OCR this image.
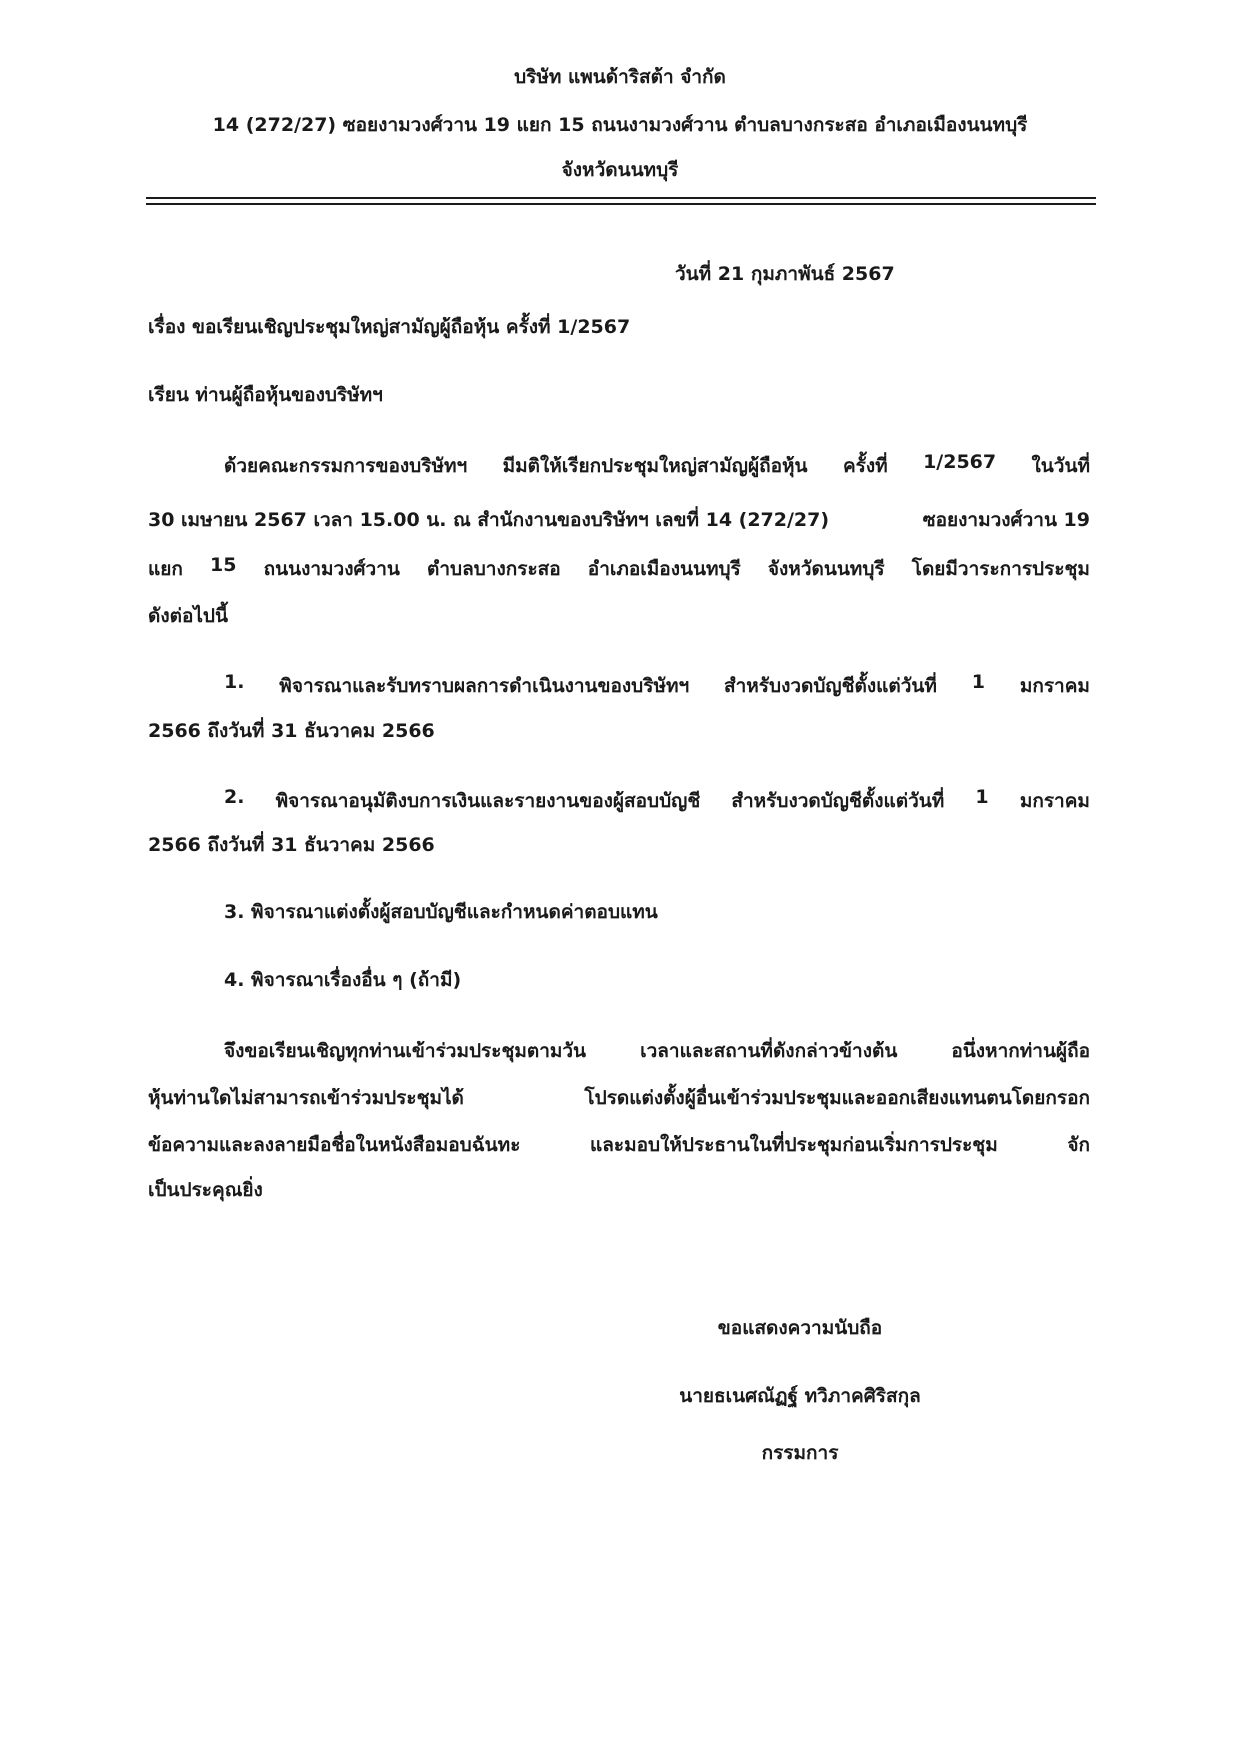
บริษัท แพนด้าริสต้า จำกัด
14 (272/27) ซอยงามวงศ์วาน 19 แยก 15 ถนนงามวงศ์วาน ตำบลบางกระสอ อำเภอเมืองนนทบุรี
จังหวัดนนทบุรี
วันที่ 21 กุมภาพันธ์ 2567
เรื่อง ขอเรียนเชิญประชุมใหญ่สามัญผู้ถือหุ้น ครั้งที่ 1/2567
เรียน ท่านผู้ถือหุ้นของบริษัทฯ
ด้วยคณะกรรมการของบริษัทฯ มีมติให้เรียกประชุมใหญ่สามัญผู้ถือหุ้น ครั้งที่ 1/2567 ในวันที่
30 เมษายน 2567 เวลา 15.00 น. ณ สำนักงานของบริษัทฯ เลขที่ 14 (272/27)	ซอยงามวงศ์วาน 19
แยก 15 ถนนงามวงศ์วาน ตำบลบางกระสอ อำเภอเมืองนนทบุรี จังหวัดนนทบุรี โดยมีวาระการประชุม
ดังต่อไปนี้
1. พิจารณาและรับทราบผลการดำเนินงานของบริษัทฯ สำหรับงวดบัญชีตั้งแต่วันที่ 1 มกราคม
2566 ถึงวันที่ 31 ธันวาคม 2566
2. พิจารณาอนุมัติงบการเงินและรายงานของผู้สอบบัญชี สำหรับงวดบัญชีตั้งแต่วันที่ 1 มกราคม
2566 ถึงวันที่ 31 ธันวาคม 2566
3. พิจารณาแต่งตั้งผู้สอบบัญชีและกำหนดค่าตอบแทน
4. พิจารณาเรื่องอื่น ๆ (ถ้ามี)
จึงขอเรียนเชิญทุกท่านเข้าร่วมประชุมตามวัน	เวลาและสถานที่ดังกล่าวข้างต้น	อนึ่งหากท่านผู้ถือ
หุ้นท่านใดไม่สามารถเข้าร่วมประชุมได้	โปรดแต่งตั้งผู้อื่นเข้าร่วมประชุมและออกเสียงแทนตนโดยกรอก
ข้อความและลงลายมือชื่อในหนังสือมอบฉันทะ	และมอบให้ประธานในที่ประชุมก่อนเริ่มการประชุม	จัก
เป็นประคุณยิ่ง
ขอแสดงความนับถือ
นายธเนศณัฏฐ์ ทวิภาคศิริสกุล
กรรมการ
